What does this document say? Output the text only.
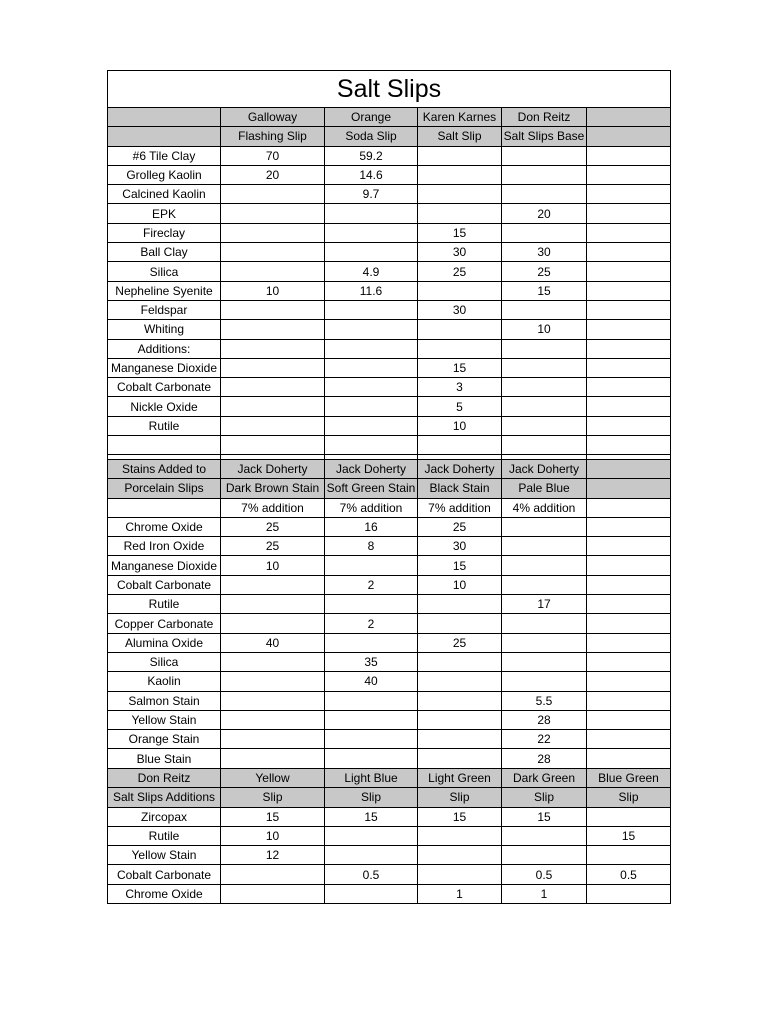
Salt Slips					
	Galloway	Orange	Karen Karnes	Don Reitz	
	Flashing Slip	Soda Slip	Salt Slip	Salt Slips Base	
#6 Tile Clay	70	59.2			
Grolleg Kaolin	20	14.6			
Calcined Kaolin		9.7			
EPK				20	
Fireclay			15		
Ball Clay			30	30	
Silica		4.9	25	25	
Nepheline Syenite	10	11.6		15	
Feldspar			30		
Whiting				10	
Additions:					
Manganese Dioxide			15		
Cobalt Carbonate			3		
Nickle Oxide			5		
Rutile			10		

Stains Added to	Jack Doherty	Jack Doherty	Jack Doherty	Jack Doherty	
Porcelain Slips	Dark Brown Stain	Soft Green Stain	Black Stain	Pale Blue	
	7% addition	7% addition	7% addition	4% addition	
Chrome Oxide	25	16	25		
Red Iron Oxide	25	8	30		
Manganese Dioxide	10		15		
Cobalt Carbonate		2	10		
Rutile				17	
Copper Carbonate		2			
Alumina Oxide	40		25		
Silica		35			
Kaolin		40			
Salmon Stain				5.5	
Yellow Stain				28	
Orange Stain				22	
Blue Stain				28	
Don Reitz	Yellow	Light Blue	Light Green	Dark Green	Blue Green
Salt Slips Additions	Slip	Slip	Slip	Slip	Slip
Zircopax	15	15	15	15	
Rutile	10				15
Yellow Stain	12				
Cobalt Carbonate		0.5		0.5	0.5
Chrome Oxide			1	1	
